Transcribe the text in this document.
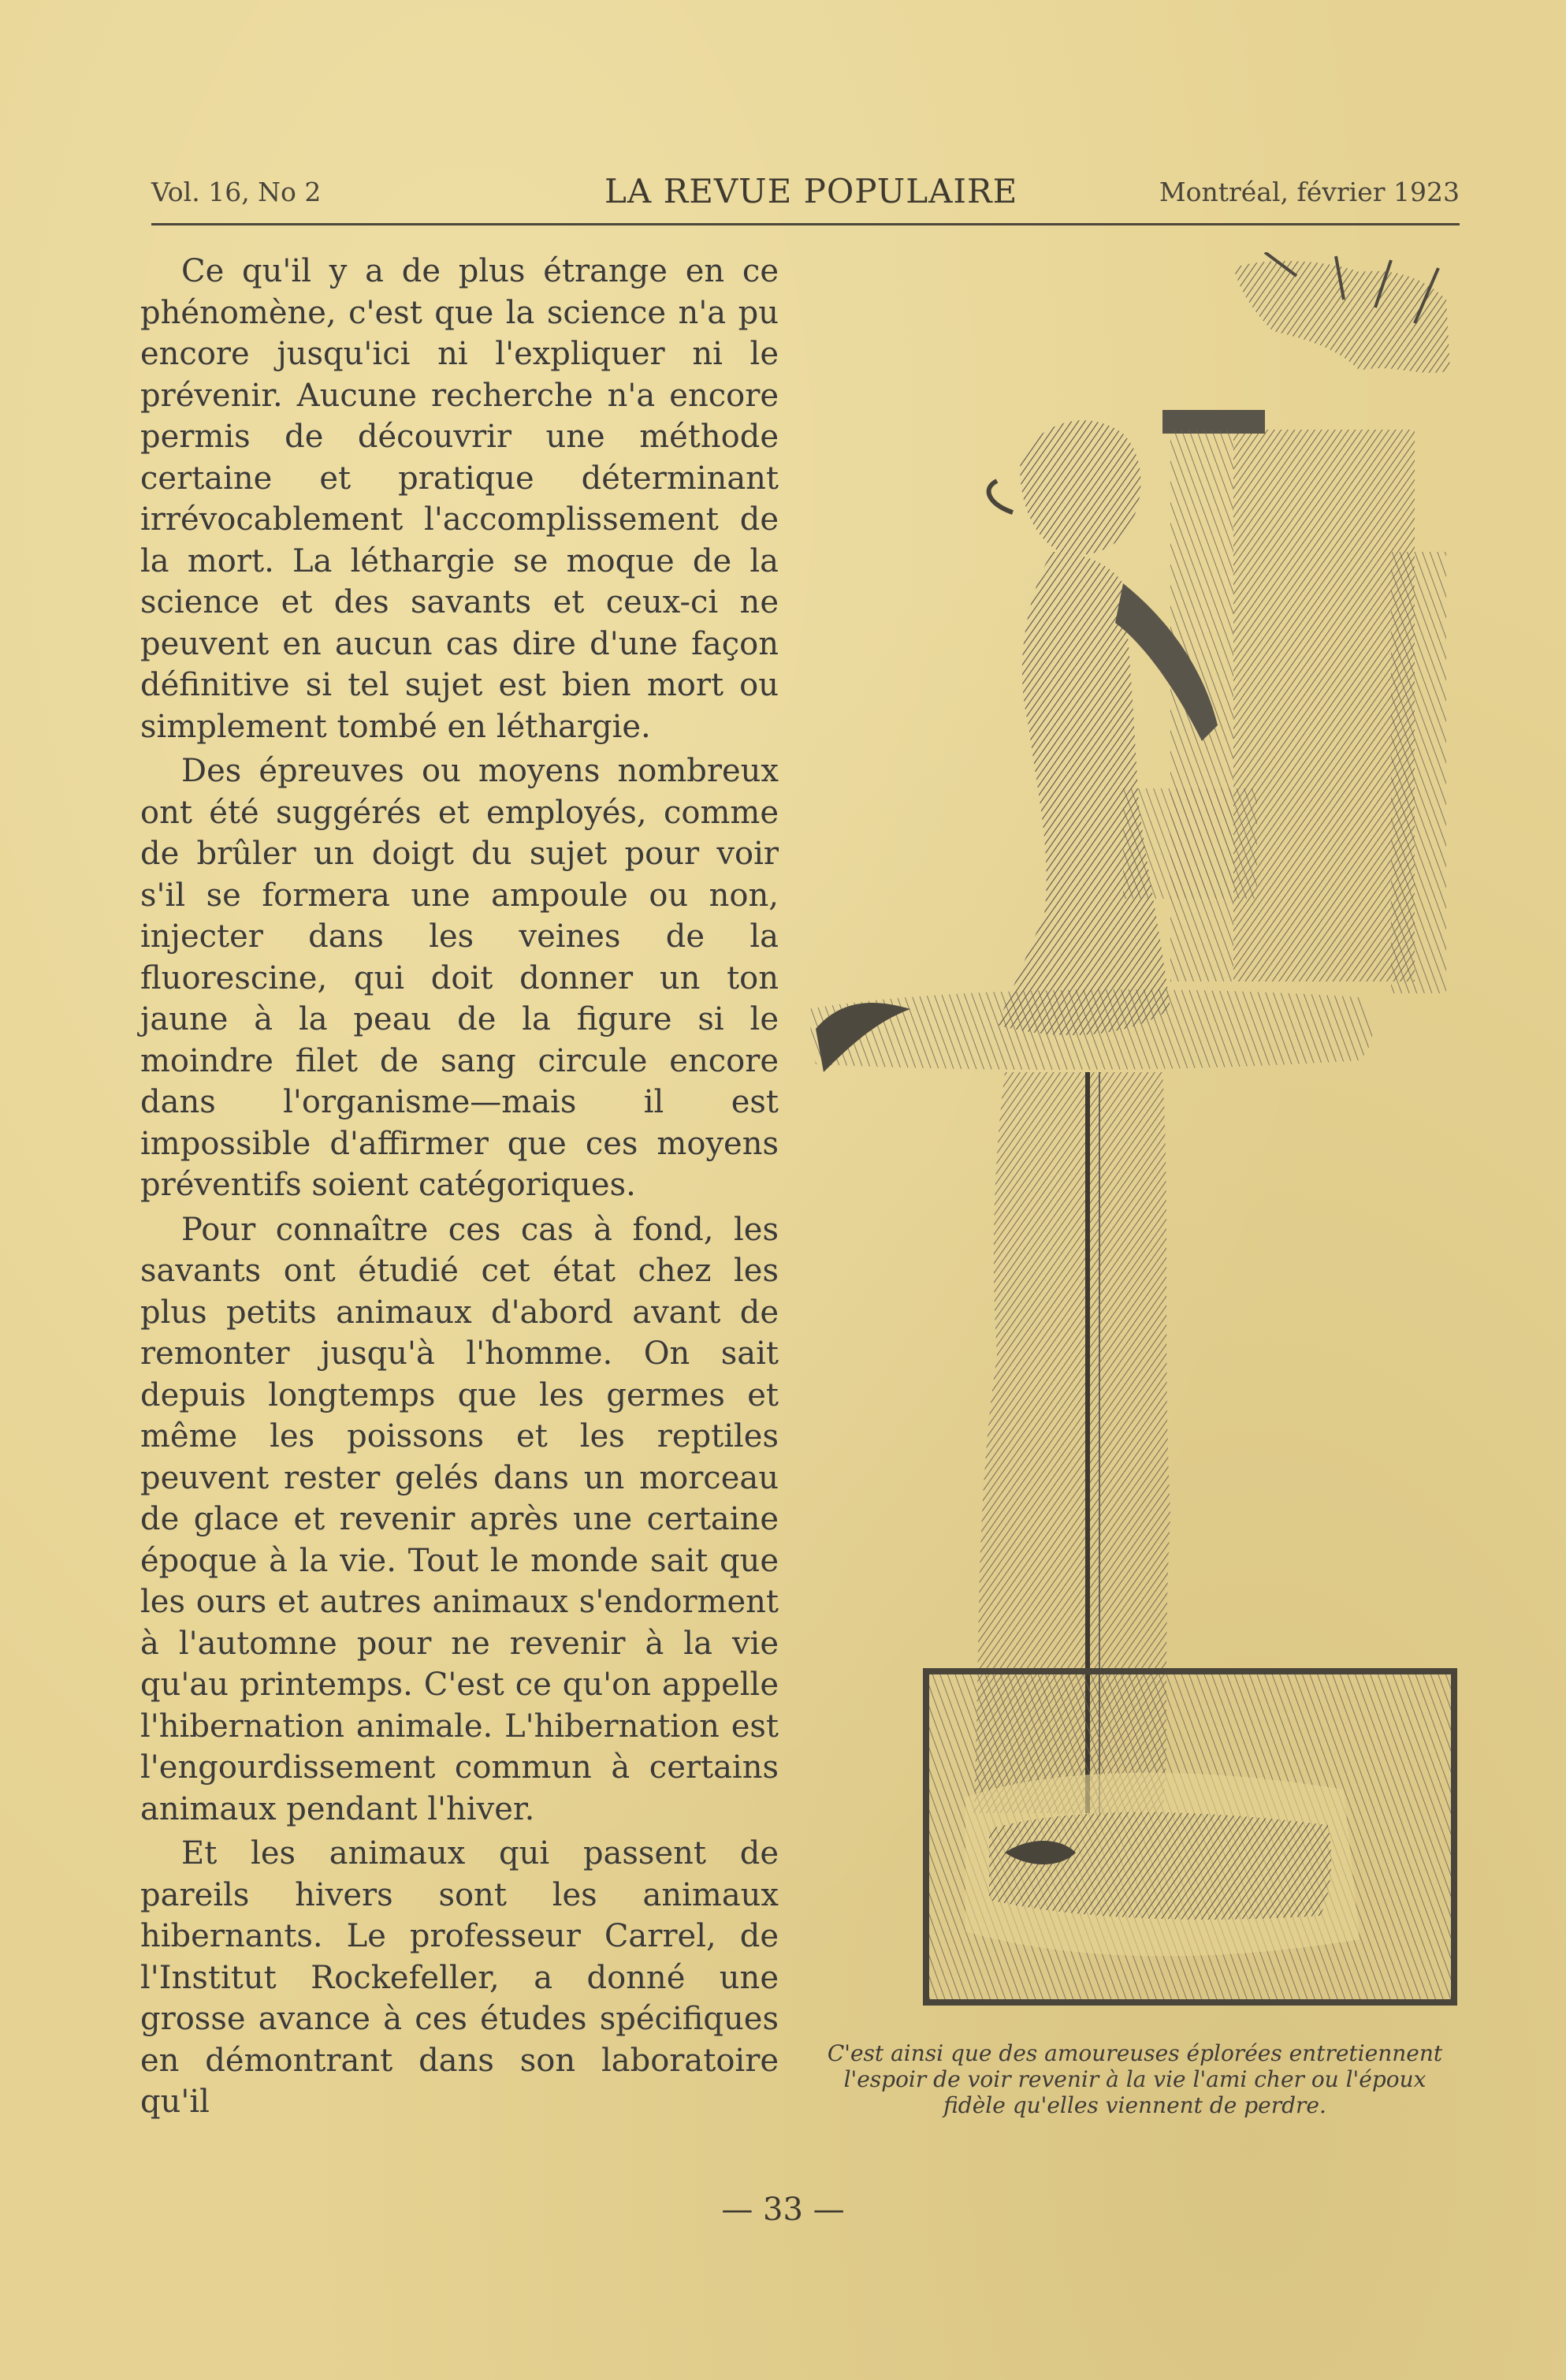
Vol. 16, No 2	LA REVUE POPULAIRE	Montréal, février 1923

Ce qu'il y a de plus étrange en ce phénomène, c'est que la science n'a pu encore jusqu'ici ni l'expliquer ni le prévenir. Aucune recherche n'a encore permis de découvrir une méthode certaine et pratique déterminant irrévocablement l'accomplissement de la mort. La léthargie se moque de la science et des savants et ceux-ci ne peuvent en aucun cas dire d'une façon définitive si tel sujet est bien mort ou simplement tombé en léthargie.

Des épreuves ou moyens nombreux ont été suggérés et employés, comme de brûler un doigt du sujet pour voir s'il se formera une ampoule ou non, injecter dans les veines de la fluorescine, qui doit donner un ton jaune à la peau de la figure si le moindre filet de sang circule encore dans l'organisme—mais il est impossible d'affirmer que ces moyens préventifs soient catégoriques.

Pour connaître ces cas à fond, les savants ont étudié cet état chez les plus petits animaux d'abord avant de remonter jusqu'à l'homme. On sait depuis longtemps que les germes et même les poissons et les reptiles peuvent rester gelés dans un morceau de glace et revenir après une certaine époque à la vie. Tout le monde sait que les ours et autres animaux s'endorment à l'automne pour ne revenir à la vie qu'au printemps. C'est ce qu'on appelle l'hibernation animale. L'hibernation est l'engourdissement commun à certains animaux pendant l'hiver.

Et les animaux qui passent de pareils hivers sont les animaux hibernants. Le professeur Carrel, de l'Institut Rockefeller, a donné une grosse avance à ces études spécifiques en démontrant dans son laboratoire qu'il

C'est ainsi que des amoureuses éplorées entretiennent l'espoir de voir revenir à la vie l'ami cher ou l'époux fidèle qu'elles viennent de perdre.
— 33 —
